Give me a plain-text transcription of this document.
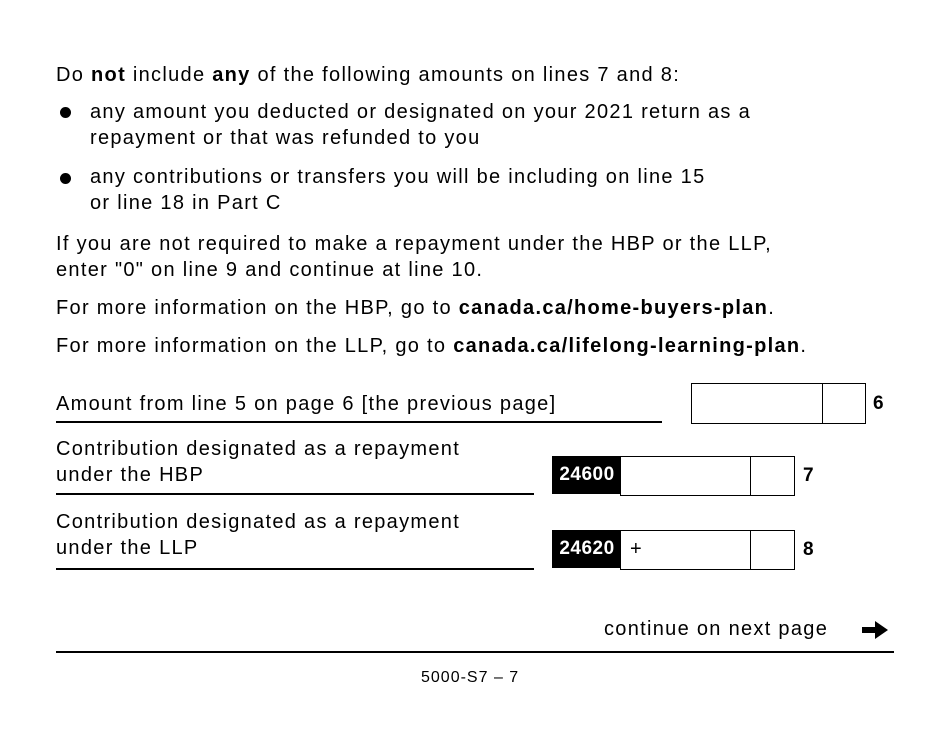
Do not include any of the following amounts on lines 7 and 8:
any amount you deducted or designated on your 2021 return as a
repayment or that was refunded to you
any contributions or transfers you will be including on line 15
or line 18 in Part C
If you are not required to make a repayment under the HBP or the LLP,
enter "0" on line 9 and continue at line 10.
For more information on the HBP, go to canada.ca/home-buyers-plan.
For more information on the LLP, go to canada.ca/lifelong-learning-plan.
Amount from line 5 on page 6 [the previous page]	6
Contribution designated as a repayment
under the HBP	24600	7
Contribution designated as a repayment
under the LLP	24620 +	8
continue on next page
5000-S7 – 7
